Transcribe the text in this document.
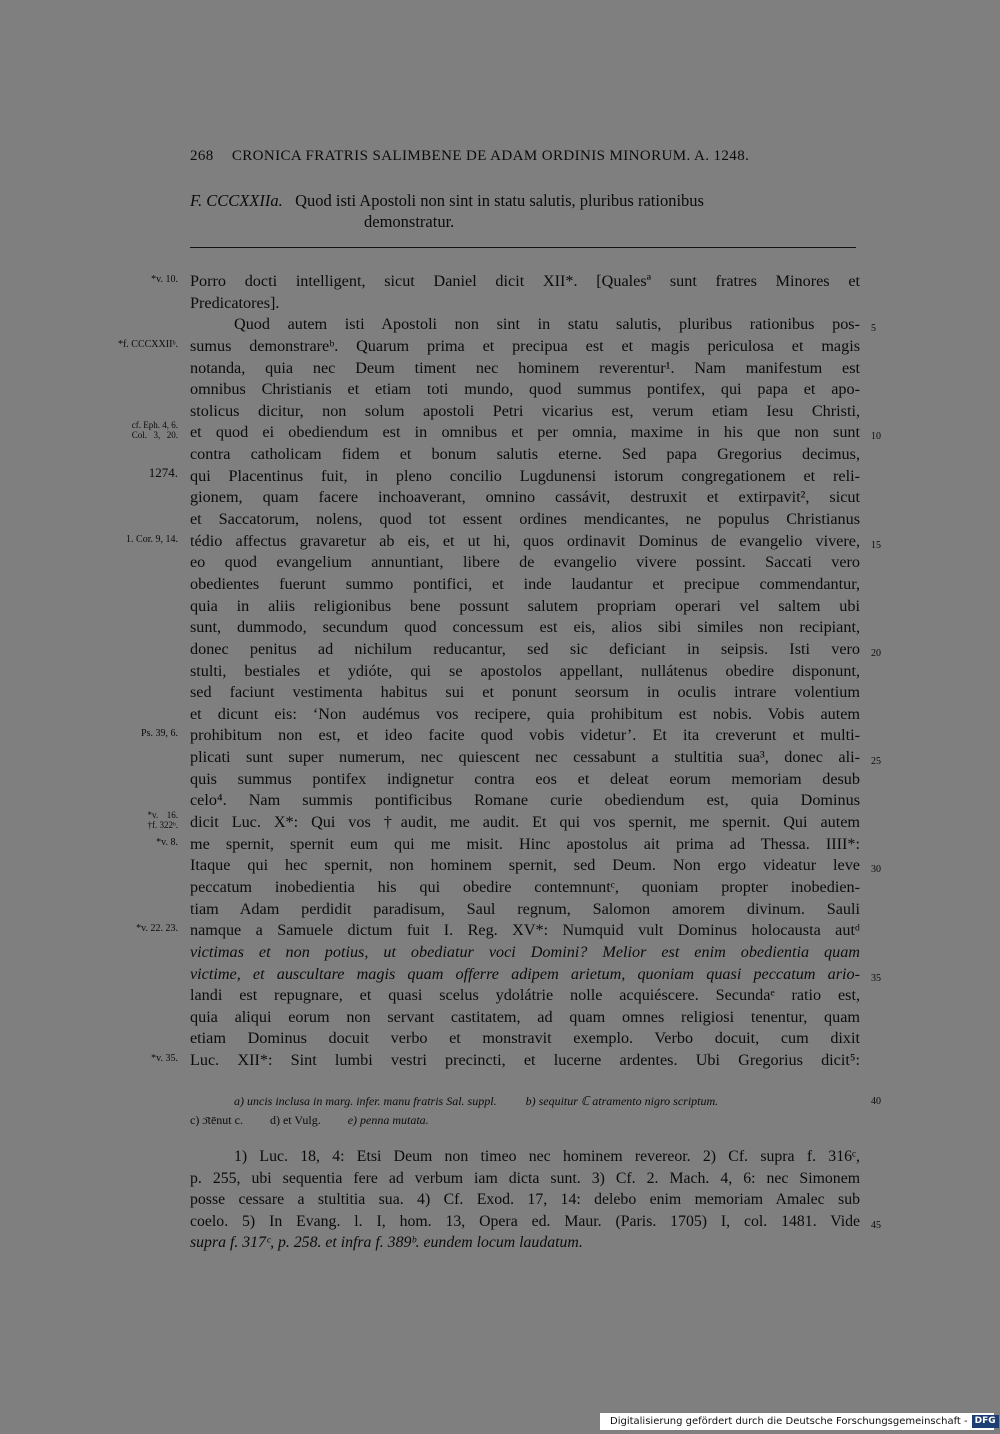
268 CRONICA FRATRIS SALIMBENE DE ADAM ORDINIS MINORUM. A. 1248.
F. CCCXXIIa. Quod isti Apostoli non sint in statu salutis, pluribus rationibus
demonstratur.
*v. 10. Porro docti intelligent, sicut Daniel dicit XII*. [Qualesª sunt fratres Minores et
Predicatores].
Quod autem isti Apostoli non sint in statu salutis, pluribus rationibus pos- 5
*f. CCCXXIIᵇ. sumus demonstrareᵇ. Quarum prima et precipua est et magis periculosa et magis
notanda, quia nec Deum timent nec hominem reverentur¹. Nam manifestum est
omnibus Christianis et etiam toti mundo, quod summus pontifex, qui papa et apo-
stolicus dicitur, non solum apostoli Petri vicarius est, verum etiam Iesu Christi,
cf. Eph. 4, 6.
Col. 3, 20. et quod ei obediendum est in omnibus et per omnia, maxime in his que non sunt 10
contra catholicam fidem et bonum salutis eterne. Sed papa Gregorius decimus,
1274. qui Placentinus fuit, in pleno concilio Lugdunensi istorum congregationem et reli-
gionem, quam facere inchoaverant, omnino cassávit, destruxit et extirpavit², sicut
et Saccatorum, nolens, quod tot essent ordines mendicantes, ne populus Christianus
1. Cor. 9, 14. tédio affectus gravaretur ab eis, et ut hi, quos ordinavit Dominus de evangelio vivere, 15
eo quod evangelium annuntiant, libere de evangelio vivere possint. Saccati vero
obedientes fuerunt summo pontifici, et inde laudantur et precipue commendantur,
quia in aliis religionibus bene possunt salutem propriam operari vel saltem ubi
sunt, dummodo, secundum quod concessum est eis, alios sibi similes non recipiant,
donec penitus ad nichilum reducantur, sed sic deficiant in seipsis. Isti vero 20
stulti, bestiales et ydióte, qui se apostolos appellant, nullátenus obedire disponunt,
sed faciunt vestimenta habitus sui et ponunt seorsum in oculis intrare volentium
et dicunt eis: ‘Non audémus vos recipere, quia prohibitum est nobis. Vobis autem
Ps. 39, 6. prohibitum non est, et ideo facite quod vobis videtur’. Et ita creverunt et multi-
plicati sunt super numerum, nec quiescent nec cessabunt a stultitia sua³, donec ali- 25
quis summus pontifex indignetur contra eos et deleat eorum memoriam desub
celo⁴. Nam summis pontificibus Romane curie obediendum est, quia Dominus
*v. 16.
†f. 322ᵇ. dicit Luc. X*: Qui vos †audit, me audit. Et qui vos spernit, me spernit. Qui autem
*v. 8. me spernit, spernit eum qui me misit. Hinc apostolus ait prima ad Thessa. IIII*:
Itaque qui hec spernit, non hominem spernit, sed Deum. Non ergo videatur leve 30
peccatum inobedientia his qui obedire contemnuntᶜ, quoniam propter inobedien-
tiam Adam perdidit paradisum, Saul regnum, Salomon amorem divinum. Sauli
*v. 22. 23. namque a Samuele dictum fuit I. Reg. XV*: Numquid vult Dominus holocausta autᵈ
victimas et non potius, ut obediatur voci Domini? Melior est enim obedientia quam
victime, et auscultare magis quam offerre adipem arietum, quoniam quasi peccatum ario- 35
landi est repugnare, et quasi scelus ydolátrie nolle acquiéscere. Secundaᵉ ratio est,
quia aliqui eorum non servant castitatem, ad quam omnes religiosi tenentur, quam
etiam Dominus docuit verbo et monstravit exemplo. Verbo docuit, cum dixit
*v. 35. Luc. XII*: Sint lumbi vestri precincti, et lucerne ardentes. Ubi Gregorius dicit⁵:
a) uncis inclusa in marg. infer. manu fratris Sal. suppl. b) sequitur ℂ atramento nigro scriptum.	40
c) ɔ̄tēnut c. d) et Vulg. e) penna mutata.
1) Luc. 18, 4: Etsi Deum non timeo nec hominem revereor. 2) Cf. supra f. 316ᶜ,
p. 255, ubi sequentia fere ad verbum iam dicta sunt. 3) Cf. 2. Mach. 4, 6: nec Simonem
posse cessare a stultitia sua. 4) Cf. Exod. 17, 14: delebo enim memoriam Amalec sub
coelo. 5) In Evang. l. I, hom. 13, Opera ed. Maur. (Paris. 1705) I, col. 1481. Vide 45
supra f. 317ᶜ, p. 258. et infra f. 389ᵇ. eundem locum laudatum.
Digitalisierung gefördert durch die Deutsche Forschungsgemeinschaft - DFG
